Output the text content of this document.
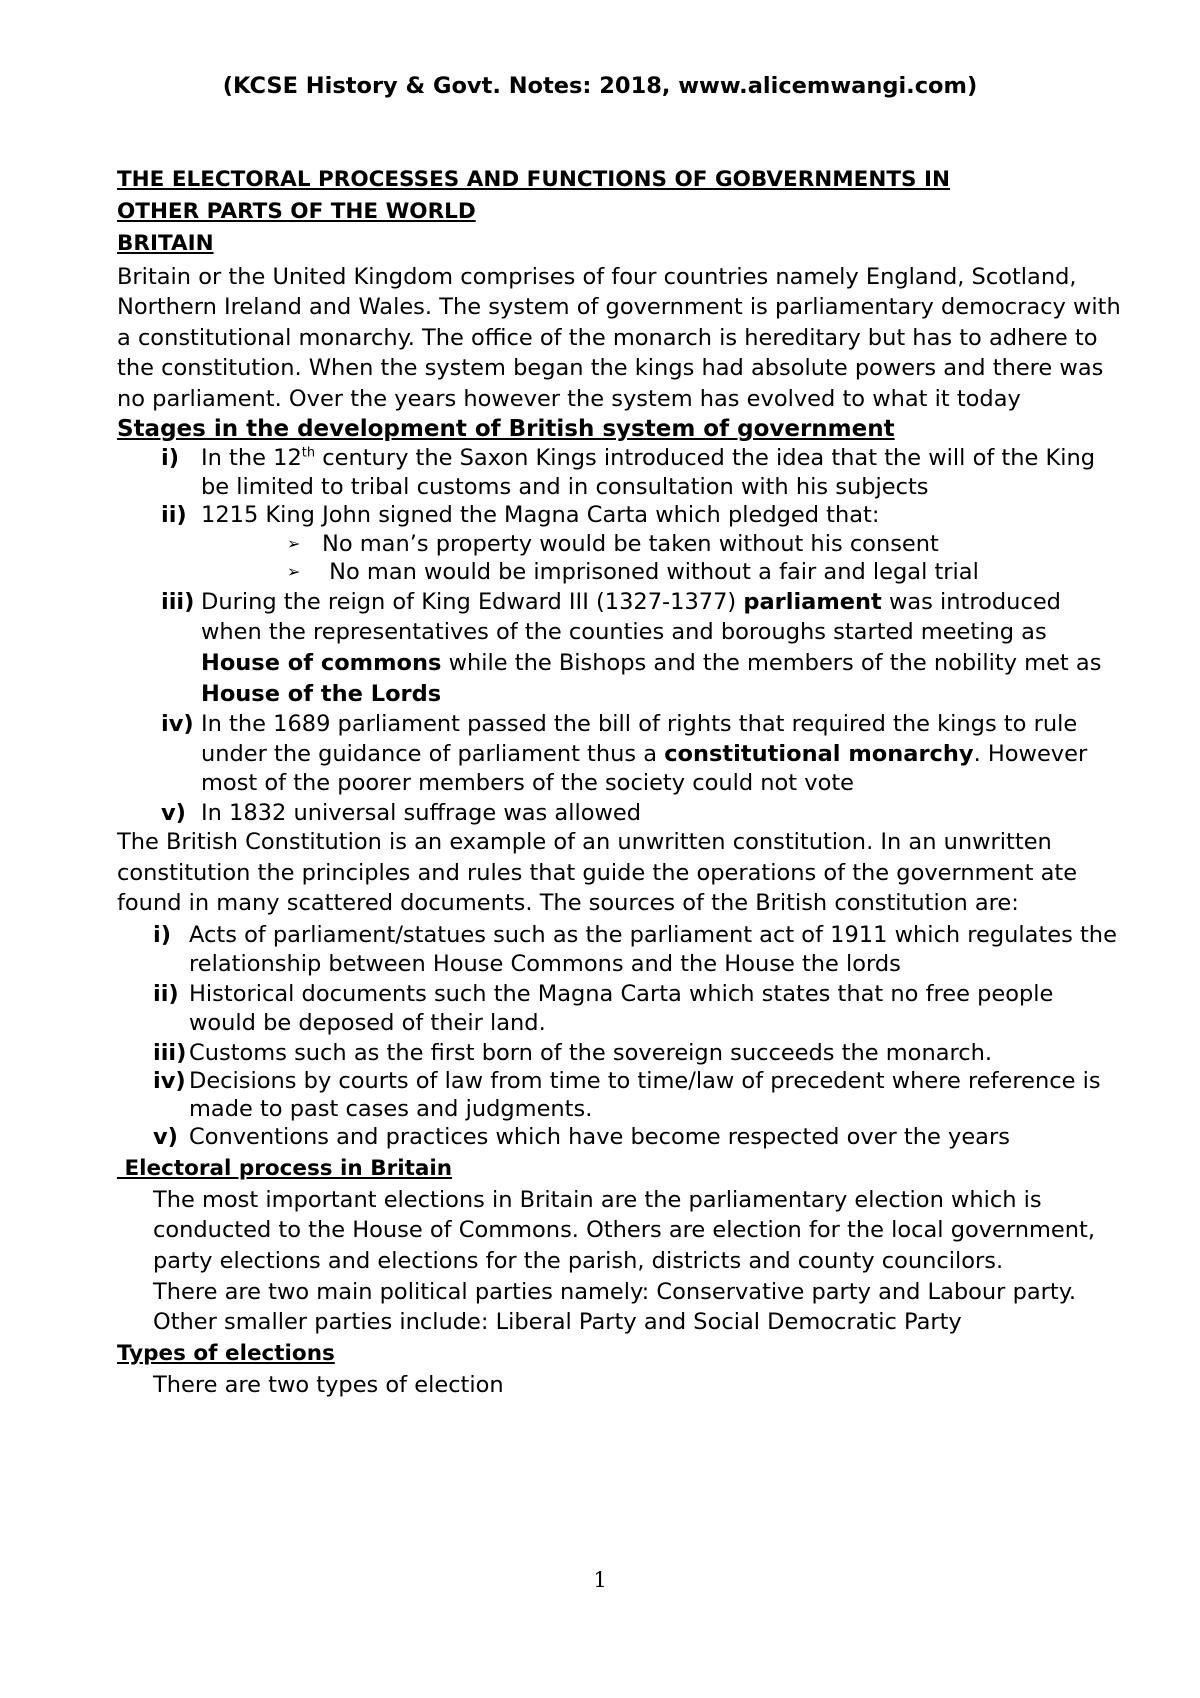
(KCSE History & Govt. Notes: 2018, www.alicemwangi.com)
THE ELECTORAL PROCESSES AND FUNCTIONS OF GOBVERNMENTS IN
OTHER PARTS OF THE WORLD
BRITAIN

Britain or the United Kingdom comprises of four countries namely England, Scotland, Northern Ireland and Wales. The system of government is parliamentary democracy with a constitutional monarchy. The office of the monarch is hereditary but has to adhere to the constitution. When the system began the kings had absolute powers and there was no parliament. Over the years however the system has evolved to what it today

Stages in the development of British system of government
i) In the 12th century the Saxon Kings introduced the idea that the will of the King be limited to tribal customs and in consultation with his subjects
ii) 1215 King John signed the Magna Carta which pledged that:
➢ No man’s property would be taken without his consent
➢ No man would be imprisoned without a fair and legal trial
iii) During the reign of King Edward III (1327-1377) parliament was introduced when the representatives of the counties and boroughs started meeting as House of commons while the Bishops and the members of the nobility met as House of the Lords
iv) In the 1689 parliament passed the bill of rights that required the kings to rule under the guidance of parliament thus a constitutional monarchy. However most of the poorer members of the society could not vote
v) In 1832 universal suffrage was allowed

The British Constitution is an example of an unwritten constitution. In an unwritten constitution the principles and rules that guide the operations of the government ate found in many scattered documents. The sources of the British constitution are:

i) Acts of parliament/statues such as the parliament act of 1911 which regulates the relationship between House Commons and the House the lords
ii) Historical documents such the Magna Carta which states that no free people would be deposed of their land.
iii) Customs such as the first born of the sovereign succeeds the monarch.
iv) Decisions by courts of law from time to time/law of precedent where reference is made to past cases and judgments.
v) Conventions and practices which have become respected over the years
Electoral process in Britain

The most important elections in Britain are the parliamentary election which is conducted to the House of Commons. Others are election for the local government, party elections and elections for the parish, districts and county councilors.

There are two main political parties namely: Conservative party and Labour party. Other smaller parties include: Liberal Party and Social Democratic Party

Types of elections

There are two types of election

1
